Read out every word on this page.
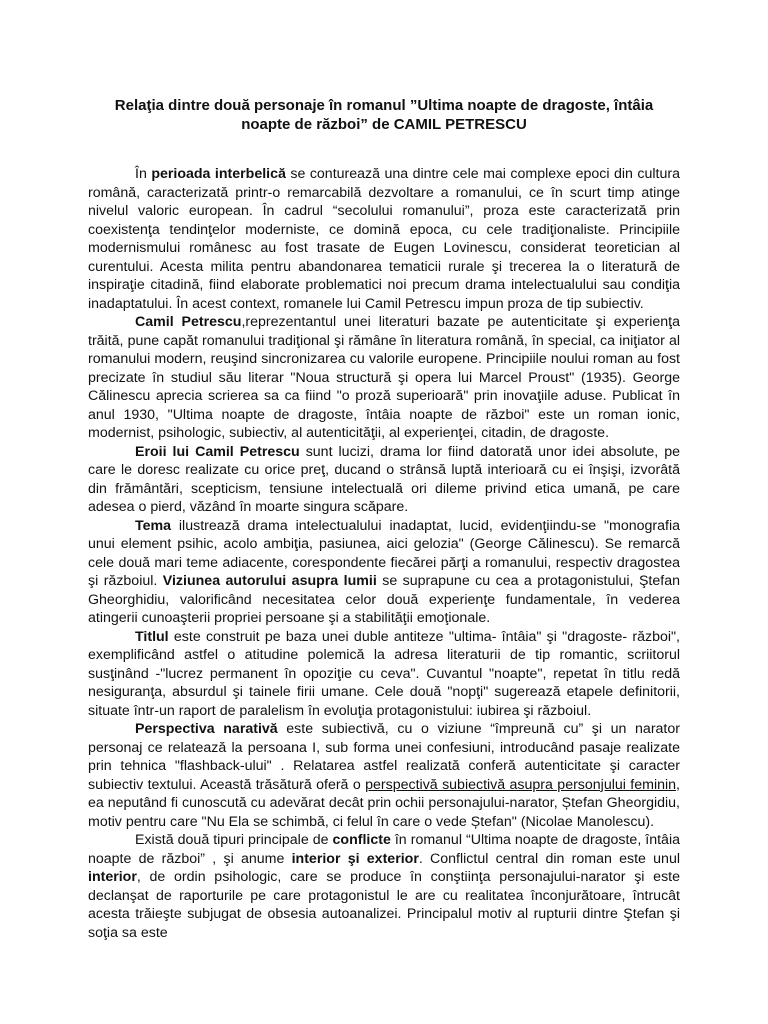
Relaţia dintre două personaje în romanul ”Ultima noapte de dragoste, întâia
noapte de război” de CAMIL PETRESCU

În perioada interbelică se conturează una dintre cele mai complexe epoci din cultura română, caracterizată printr-o remarcabilă dezvoltare a romanului, ce în scurt timp atinge nivelul valoric european. În cadrul “secolului romanului”, proza este caracterizată prin coexistenţa tendinţelor moderniste, ce domină epoca, cu cele tradiţionaliste. Principiile modernismului românesc au fost trasate de Eugen Lovinescu, considerat teoretician al curentului. Acesta milita pentru abandonarea tematicii rurale şi trecerea la o literatură de inspiraţie citadină, fiind elaborate problematici noi precum drama intelectualului sau condiţia inadaptatului. În acest context, romanele lui Camil Petrescu impun proza de tip subiectiv.

Camil Petrescu,reprezentantul unei literaturi bazate pe autenticitate şi experienţa trăită, pune capăt romanului tradiţional şi rămâne în literatura română, în special, ca iniţiator al romanului modern, reuşind sincronizarea cu valorile europene. Principiile noului roman au fost precizate în studiul său literar "Noua structură şi opera lui Marcel Proust" (1935). George Călinescu aprecia scrierea sa ca fiind "o proză superioară" prin inovaţiile aduse. Publicat în anul 1930, "Ultima noapte de dragoste, întâia noapte de război" este un roman ionic, modernist, psihologic, subiectiv, al autenticităţii, al experienţei, citadin, de dragoste.

Eroii lui Camil Petrescu sunt lucizi, drama lor fiind datorată unor idei absolute, pe care le doresc realizate cu orice preţ, ducand o strânsă luptă interioară cu ei înşişi, izvorâtă din frământări, scepticism, tensiune intelectuală ori dileme privind etica umană, pe care adesea o pierd, văzând în moarte singura scăpare.

Tema ilustrează drama intelectualului inadaptat, lucid, evidenţiindu-se "monografia unui element psihic, acolo ambiţia, pasiunea, aici gelozia" (George Călinescu). Se remarcă cele două mari teme adiacente, corespondente fiecărei părţi a romanului, respectiv dragostea şi războiul. Viziunea autorului asupra lumii se suprapune cu cea a protagonistului, Ştefan Gheorghidiu, valorificând necesitatea celor două experienţe fundamentale, în vederea atingerii cunoaşterii propriei persoane şi a stabilităţii emoţionale.

Titlul este construit pe baza unei duble antiteze "ultima- întâia" şi "dragoste- război", exemplificând astfel o atitudine polemică la adresa literaturii de tip romantic, scriitorul susţinând -"lucrez permanent în opoziţie cu ceva". Cuvantul "noapte", repetat în titlu redă nesiguranţa, absurdul şi tainele firii umane. Cele două "nopţi" sugerează etapele definitorii, situate într-un raport de paralelism în evoluţia protagonistului: iubirea şi războiul.

Perspectiva narativă este subiectivă, cu o viziune “împreună cu” şi un narator personaj ce relatează la persoana I, sub forma unei confesiuni, introducând pasaje realizate prin tehnica "flashback-ului" . Relatarea astfel realizată conferă autenticitate şi caracter subiectiv textului. Această trăsătură oferă o perspectivă subiectivă asupra personjului feminin, ea neputând fi cunoscută cu adevărat decât prin ochii personajului-narator, Ștefan Gheorgidiu, motiv pentru care "Nu Ela se schimbă, ci felul în care o vede Ștefan" (Nicolae Manolescu).

Există două tipuri principale de conflicte în romanul “Ultima noapte de dragoste, întâia noapte de război” , şi anume interior şi exterior. Conflictul central din roman este unul interior, de ordin psihologic, care se produce în conştiinţa personajului-narator şi este declanşat de raporturile pe care protagonistul le are cu realitatea înconjurătoare, întrucât acesta trăieşte subjugat de obsesia autoanalizei. Principalul motiv al rupturii dintre Ştefan şi soţia sa este
